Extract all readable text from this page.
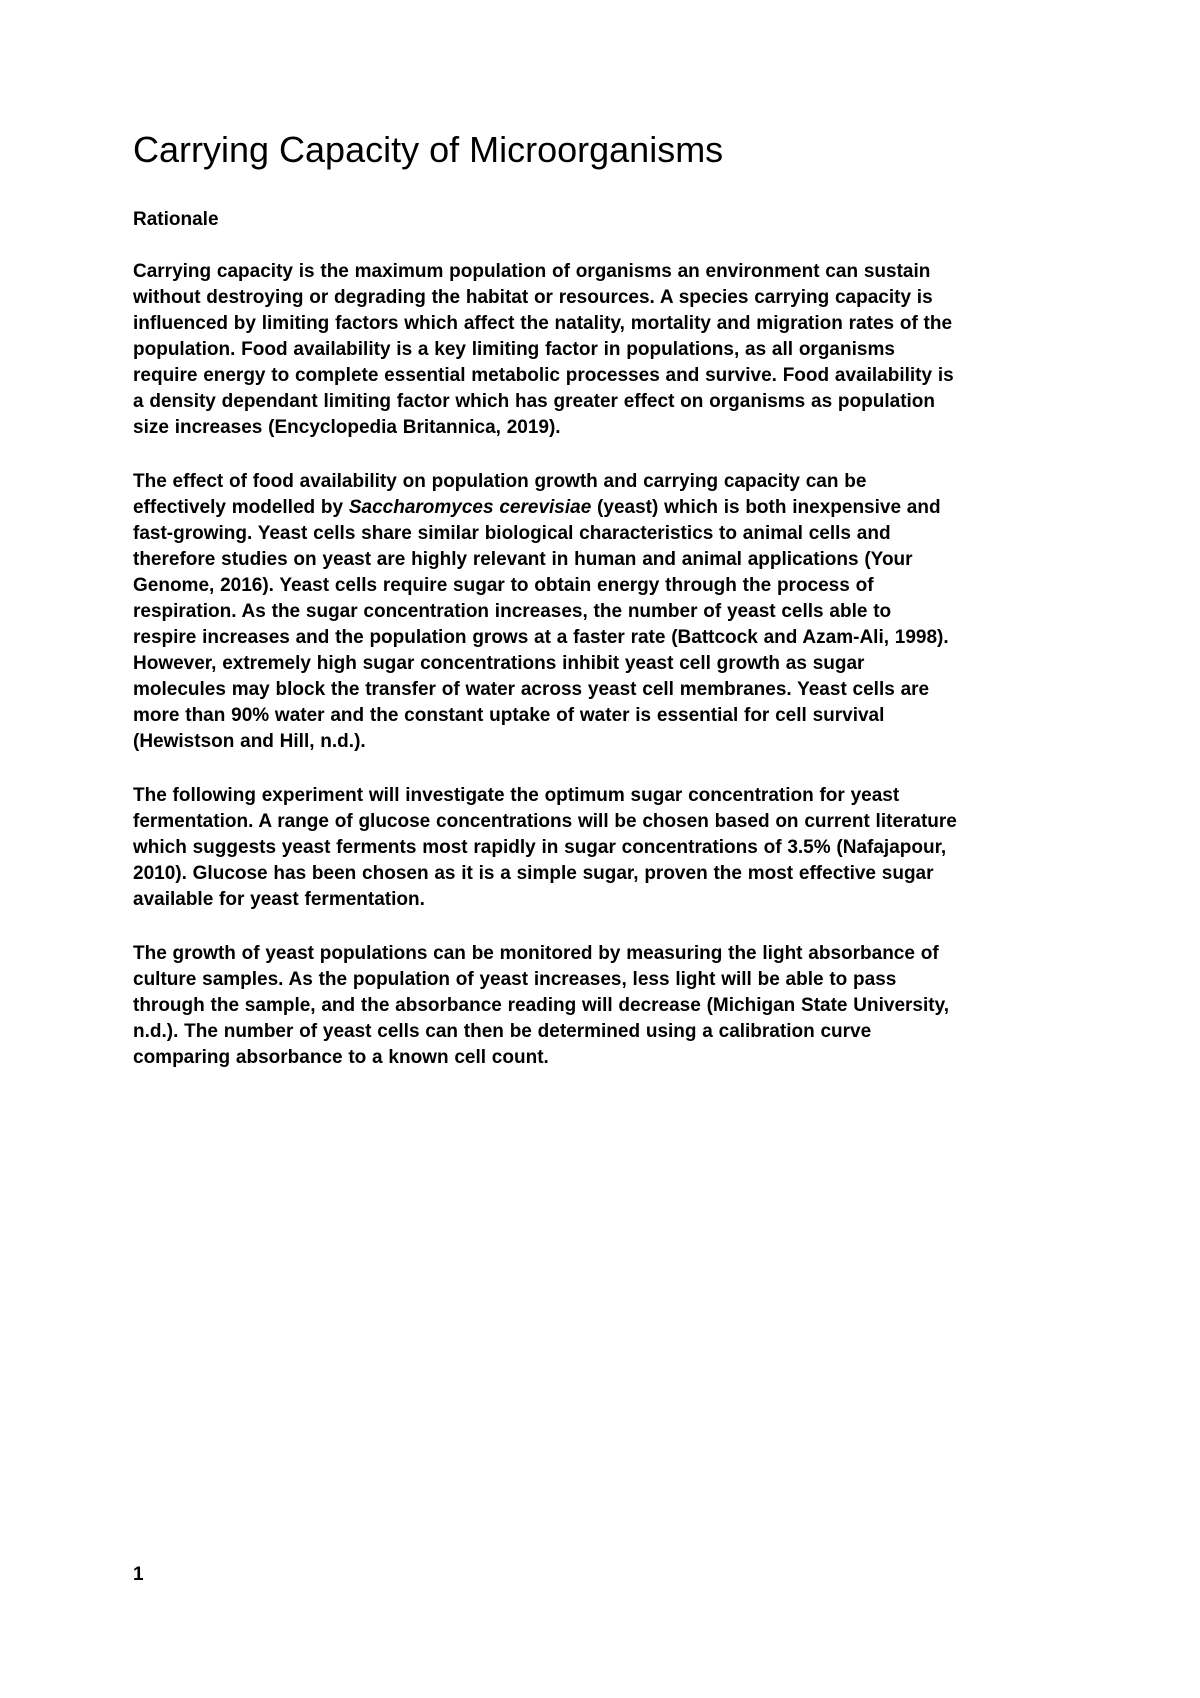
Carrying Capacity of Microorganisms
Rationale

Carrying capacity is the maximum population of organisms an environment can sustain without destroying or degrading the habitat or resources. A species carrying capacity is influenced by limiting factors which affect the natality, mortality and migration rates of the population. Food availability is a key limiting factor in populations, as all organisms require energy to complete essential metabolic processes and survive. Food availability is a density dependant limiting factor which has greater effect on organisms as population size increases (Encyclopedia Britannica, 2019).

The effect of food availability on population growth and carrying capacity can be effectively modelled by Saccharomyces cerevisiae (yeast) which is both inexpensive and fast-growing. Yeast cells share similar biological characteristics to animal cells and therefore studies on yeast are highly relevant in human and animal applications (Your Genome, 2016). Yeast cells require sugar to obtain energy through the process of respiration. As the sugar concentration increases, the number of yeast cells able to respire increases and the population grows at a faster rate (Battcock and Azam-Ali, 1998). However, extremely high sugar concentrations inhibit yeast cell growth as sugar molecules may block the transfer of water across yeast cell membranes. Yeast cells are more than 90% water and the constant uptake of water is essential for cell survival (Hewistson and Hill, n.d.).

The following experiment will investigate the optimum sugar concentration for yeast fermentation. A range of glucose concentrations will be chosen based on current literature which suggests yeast ferments most rapidly in sugar concentrations of 3.5% (Nafajapour, 2010). Glucose has been chosen as it is a simple sugar, proven the most effective sugar available for yeast fermentation.

The growth of yeast populations can be monitored by measuring the light absorbance of culture samples. As the population of yeast increases, less light will be able to pass through the sample, and the absorbance reading will decrease (Michigan State University, n.d.). The number of yeast cells can then be determined using a calibration curve comparing absorbance to a known cell count.

1
